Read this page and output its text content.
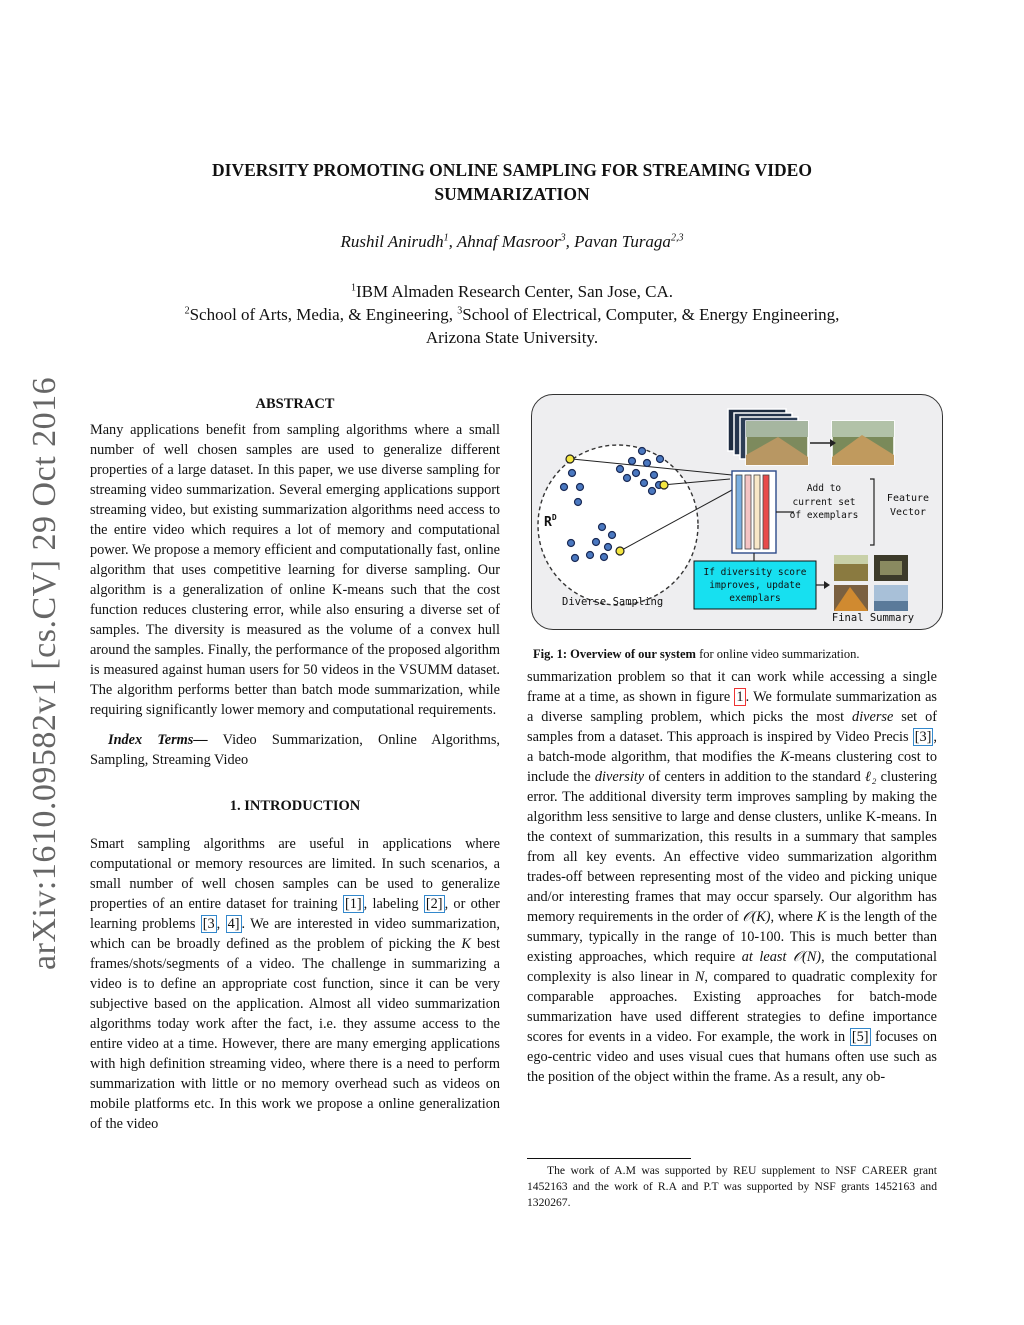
DIVERSITY PROMOTING ONLINE SAMPLING FOR STREAMING VIDEO
SUMMARIZATION
Rushil Anirudh$^1$, Ahnaf Masroor$^3$, Pavan Turaga$^{2,3}$
$^1$IBM Almaden Research Center, San Jose, CA.
$^2$School of Arts, Media, & Engineering, $^3$School of Electrical, Computer, & Energy Engineering,
Arizona State University.
arXiv:1610.09582v1 [cs.CV] 29 Oct 2016	ABSTRACT

Many applications benefit from sampling algorithms where a small number of well chosen samples are used to generalize different properties of a large dataset. In this paper, we use diverse sampling for streaming video summarization. Several emerging applications support streaming video, but existing summarization algorithms need access to the entire video which requires a lot of memory and computational power. We propose a memory efficient and computationally fast, online algorithm that uses competitive learning for diverse sampling. Our algorithm is a generalization of online K-means such that the cost function reduces clustering error, while also ensuring a diverse set of samples. The diversity is measured as the volume of a convex hull around the samples. Finally, the performance of the proposed algorithm is measured against human users for 50 videos in the VSUMM dataset. The algorithm performs better than batch mode summarization, while requiring significantly lower memory and computational requirements.

Index Terms— Video Summarization, Online Algorithms, Sampling, Streaming Video

1. INTRODUCTION

Smart sampling algorithms are useful in applications where computational or memory resources are limited. In such scenarios, a small number of well chosen samples can be used to generalize properties of an entire dataset for training [1] , labeling [2] , or other learning problems [3 , 4] . We are interested in video summarization, which can be broadly defined as the problem of picking the K best frames/shots/segments of a video. The challenge in summarizing a video is to define an appropriate cost function, since it can be very subjective based on the application. Almost all video summarization algorithms today work after the fact, i.e. they assume access to the entire video at a time. However, there are many emerging applications with high definition streaming video, where there is a need to perform summarization with little or no memory overhead such as videos on mobile platforms etc. In this work we propose a online generalization of the video

$R^D$
Diverse Sampling
Add to
current set
of exemplars
Feature
Vector
If diversity score
improves, update
exemplars
Final Summary
Fig. 1: Overview of our system for online video summarization.

summarization problem so that it can work while accessing a single frame at a time, as shown in figure 1 . We formulate summarization as a diverse sampling problem, which picks the most diverse set of samples from a dataset. This approach is inspired by Video Precis [3] , a batch-mode algorithm, that modifies the K-means clustering cost to include the diversity of centers in addition to the standard ℓ₂ clustering error. The additional diversity term improves sampling by making the algorithm less sensitive to large and dense clusters, unlike K-means. In the context of summarization, this results in a summary that samples from all key events. An effective video summarization algorithm trades-off between representing most of the video and picking unique and/or interesting frames that may occur sparsely. Our algorithm has memory requirements in the order of 𝒪(K), where K is the length of the summary, typically in the range of 10-100. This is much better than existing approaches, which require at least 𝒪(N), the computational complexity is also linear in N, compared to quadratic complexity for comparable approaches. Existing approaches for batch-mode summarization have used different strategies to define importance scores for events in a video. For example, the work in [5] focuses on ego-centric video and uses visual cues that humans often use such as the position of the object within the frame. As a result, any ob-

The work of A.M was supported by REU supplement to NSF CAREER grant 1452163 and the work of R.A and P.T was supported by NSF grants 1452163 and 1320267.
